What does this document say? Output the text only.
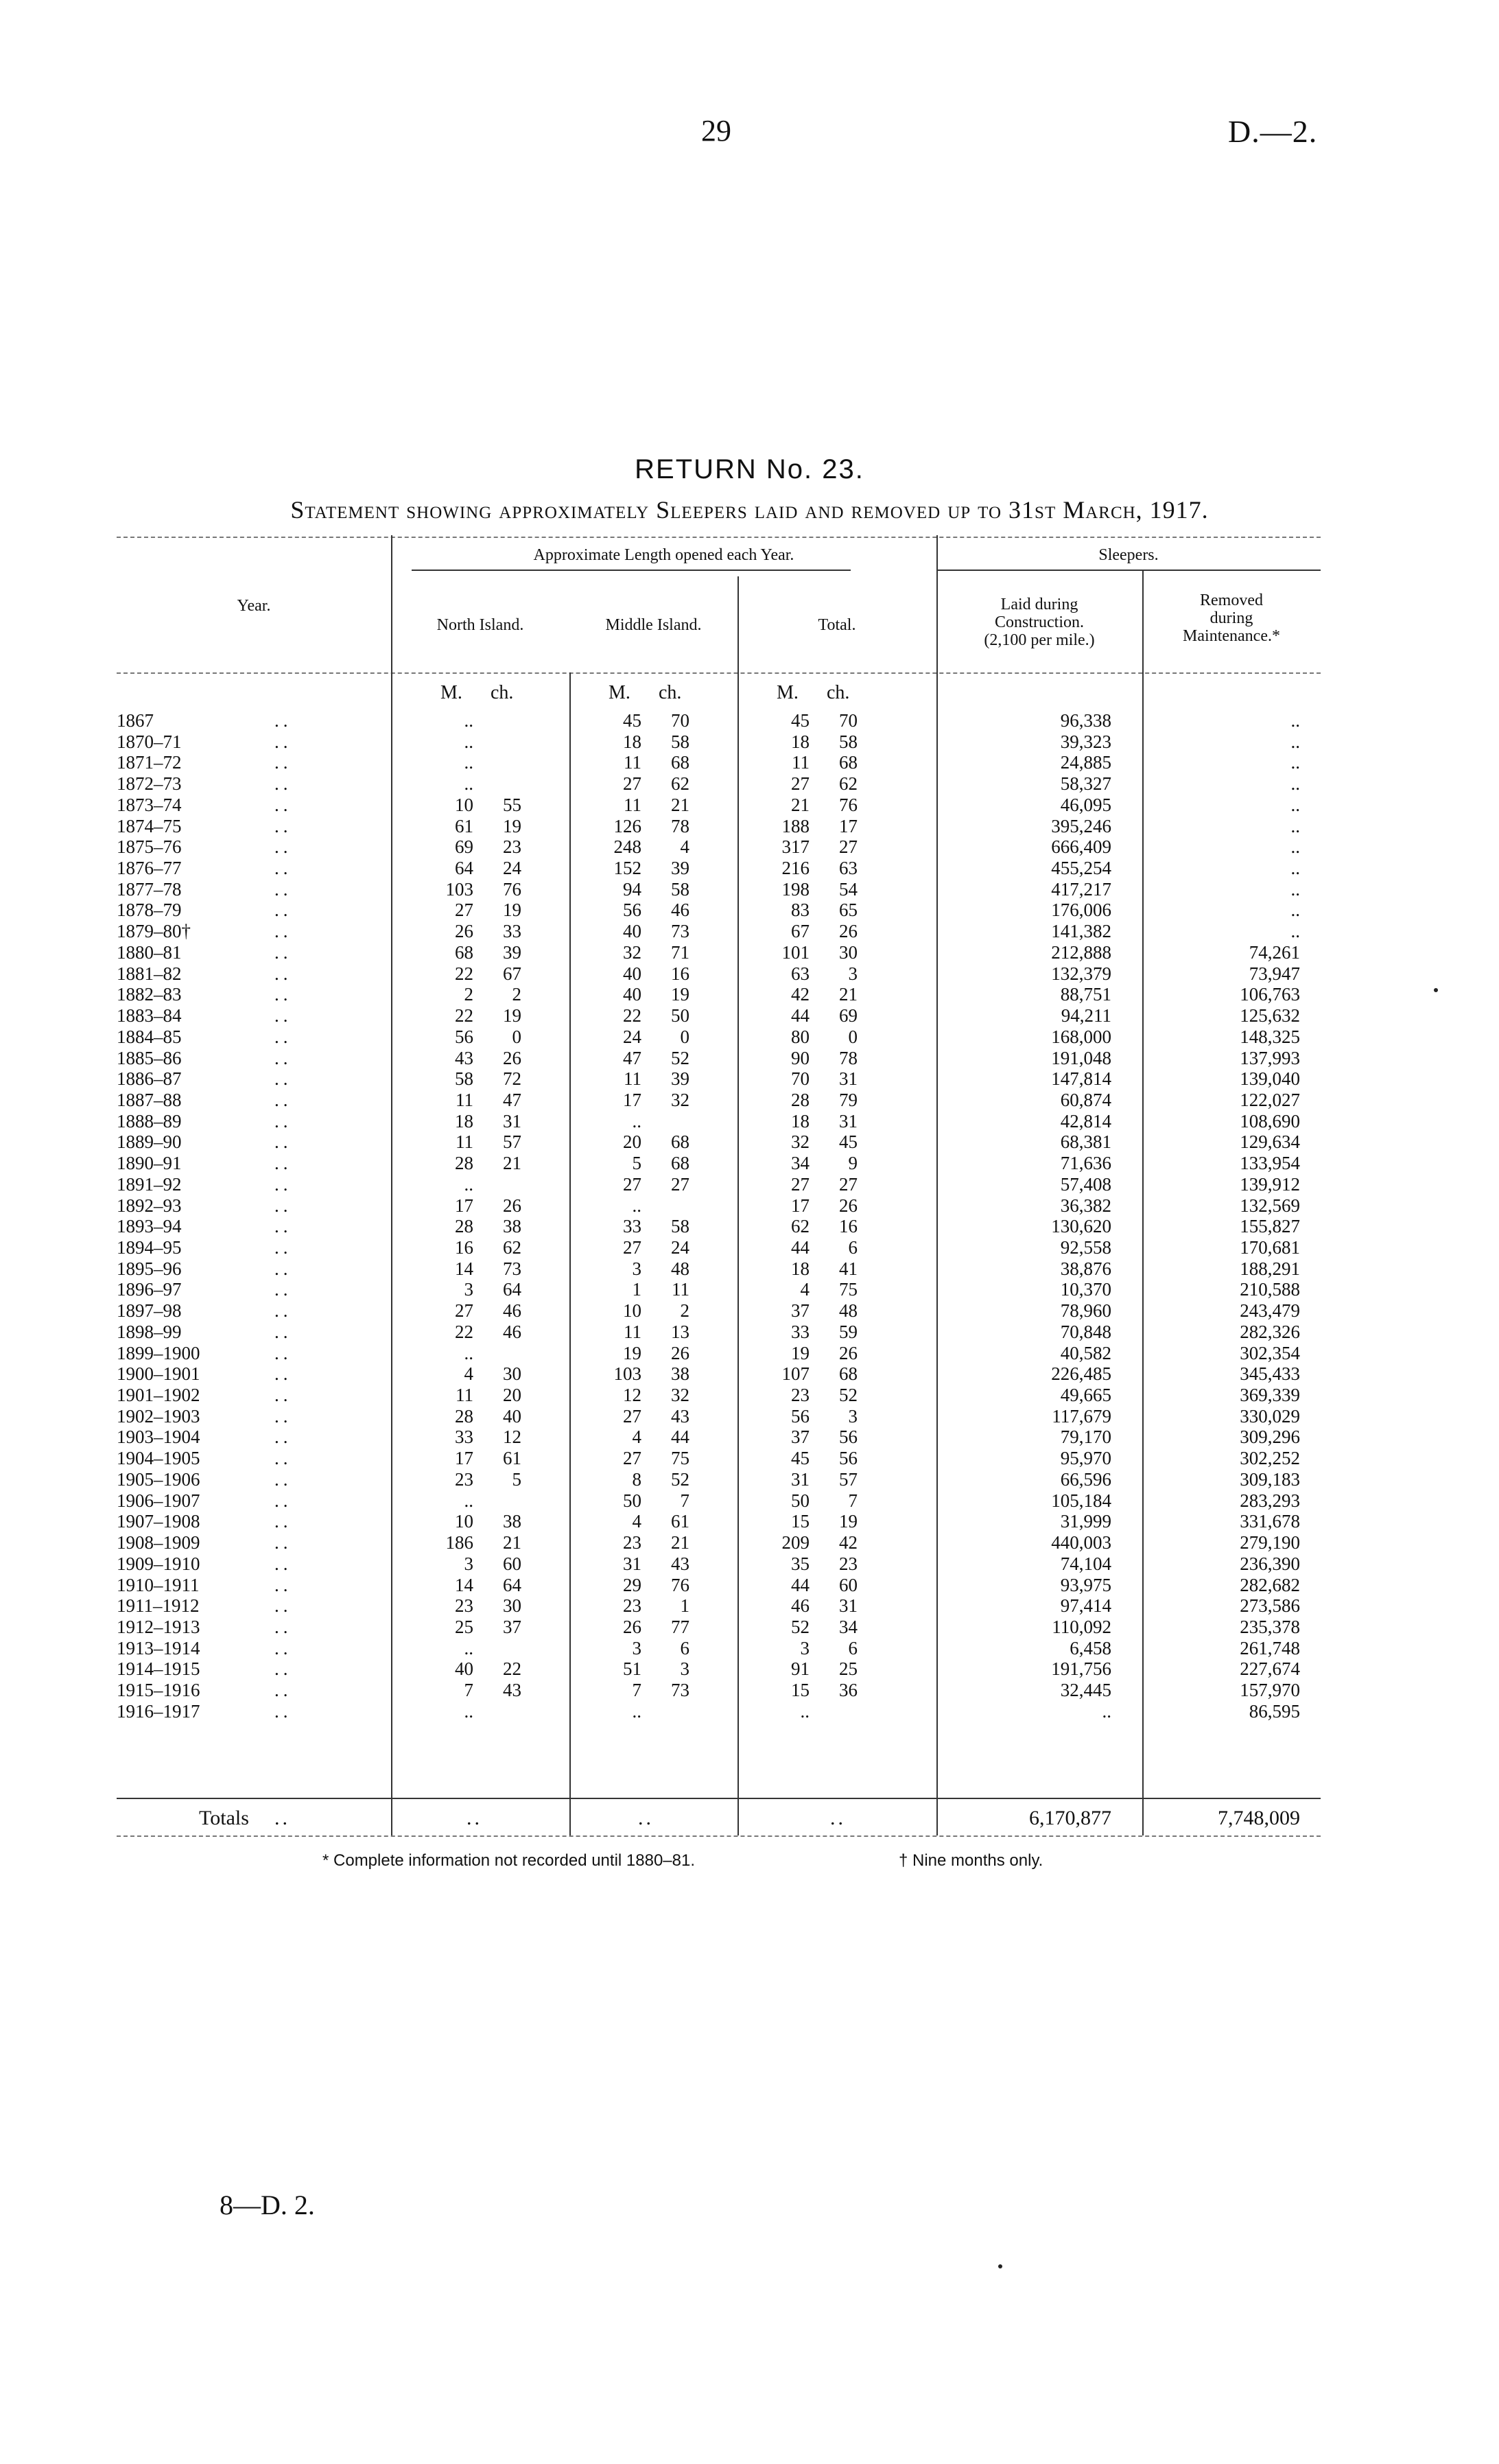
29	D.—2.
RETURN No. 23.
Statement showing approximately Sleepers laid and removed up to 31st March, 1917.
Year.
Approximate Length opened each Year.
North Island.	Middle Island.	Total.
Sleepers.
Laid during
Construction.
(2,100 per mile.)
Removed
during
Maintenance.*
M. ch.	M. ch.	M. ch.
1867	..	..	45	70	45	70	96,338	..
1870–71	..	..	18	58	18	58	39,323	..
1871–72	..	..	11	68	11	68	24,885	..
1872–73	..	..	27	62	27	62	58,327	..
1873–74	..	10	55	11	21	21	76	46,095	..
1874–75	..	61	19	126	78	188	17	395,246	..
1875–76	..	69	23	248	4	317	27	666,409	..
1876–77	..	64	24	152	39	216	63	455,254	..
1877–78	..	103	76	94	58	198	54	417,217	..
1878–79	..	27	19	56	46	83	65	176,006	..
1879–80†	..	26	33	40	73	67	26	141,382	..
1880–81	..	68	39	32	71	101	30	212,888	74,261
1881–82	..	22	67	40	16	63	3	132,379	73,947
1882–83	..	2	2	40	19	42	21	88,751	106,763
1883–84	..	22	19	22	50	44	69	94,211	125,632
1884–85	..	56	0	24	0	80	0	168,000	148,325
1885–86	..	43	26	47	52	90	78	191,048	137,993
1886–87	..	58	72	11	39	70	31	147,814	139,040
1887–88	..	11	47	17	32	28	79	60,874	122,027
1888–89	..	18	31	..	18	31	42,814	108,690
1889–90	..	11	57	20	68	32	45	68,381	129,634
1890–91	..	28	21	5	68	34	9	71,636	133,954
1891–92	..	..	27	27	27	27	57,408	139,912
1892–93	..	17	26	..	17	26	36,382	132,569
1893–94	..	28	38	33	58	62	16	130,620	155,827
1894–95	..	16	62	27	24	44	6	92,558	170,681
1895–96	..	14	73	3	48	18	41	38,876	188,291
1896–97	..	3	64	1	11	4	75	10,370	210,588
1897–98	..	27	46	10	2	37	48	78,960	243,479
1898–99	..	22	46	11	13	33	59	70,848	282,326
1899–1900	..	..	19	26	19	26	40,582	302,354
1900–1901	..	4	30	103	38	107	68	226,485	345,433
1901–1902	..	11	20	12	32	23	52	49,665	369,339
1902–1903	..	28	40	27	43	56	3	117,679	330,029
1903–1904	..	33	12	4	44	37	56	79,170	309,296
1904–1905	..	17	61	27	75	45	56	95,970	302,252
1905–1906	..	23	5	8	52	31	57	66,596	309,183
1906–1907	..	..	50	7	50	7	105,184	283,293
1907–1908	..	10	38	4	61	15	19	31,999	331,678
1908–1909	..	186	21	23	21	209	42	440,003	279,190
1909–1910	..	3	60	31	43	35	23	74,104	236,390
1910–1911	..	14	64	29	76	44	60	93,975	282,682
1911–1912	..	23	30	23	1	46	31	97,414	273,586
1912–1913	..	25	37	26	77	52	34	110,092	235,378
1913–1914	..	..	3	6	3	6	6,458	261,748
1914–1915	..	40	22	51	3	91	25	191,756	227,674
1915–1916	..	7	43	7	73	15	36	32,445	157,970
1916–1917	..	..	..	..	..	86,595
Totals ..	..	..	..	6,170,877	7,748,009
* Complete information not recorded until 1880–81.	† Nine months only.
8—D. 2.
